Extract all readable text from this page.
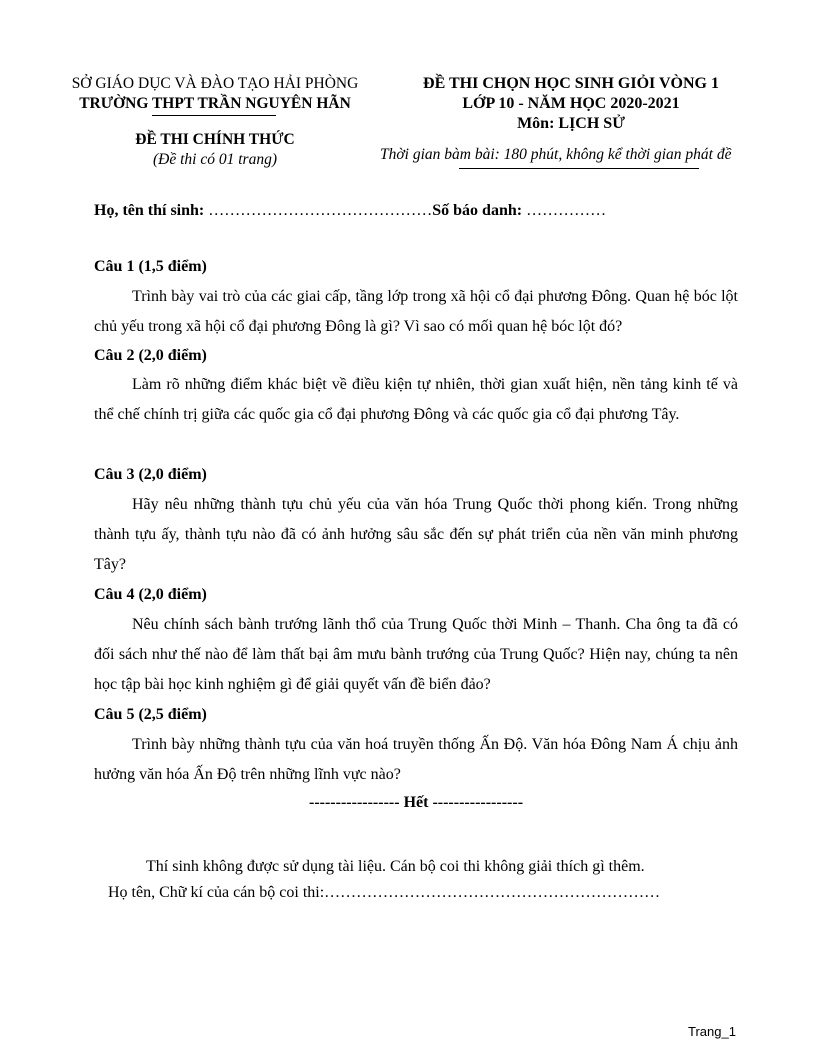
SỞ GIÁO DỤC VÀ ĐÀO TẠO HẢI PHÒNG
TRƯỜNG THPT TRẦN NGUYÊN HÃN
ĐỀ THI CHÍNH THỨC
(Đề thi có 01 trang)
ĐỀ THI CHỌN HỌC SINH GIỎI VÒNG 1
LỚP 10 - NĂM HỌC 2020-2021
Môn: LỊCH SỬ
Thời gian bàm bài: 180 phút, không kể thời gian phát đề
Họ, tên thí sinh: ……………………………………Số báo danh: ……………
Câu 1 (1,5 điểm)
Trình bày vai trò của các giai cấp, tầng lớp trong xã hội cổ đại phương Đông. Quan hệ bóc lột chủ yếu trong xã hội cổ đại phương Đông là gì? Vì sao có mối quan hệ bóc lột đó?
Câu 2 (2,0 điểm)
Làm rõ những điểm khác biệt về điều kiện tự nhiên, thời gian xuất hiện, nền tảng kinh tế và thể chế chính trị giữa các quốc gia cổ đại phương Đông và các quốc gia cổ đại phương Tây.
Câu 3 (2,0 điểm)
Hãy nêu những thành tựu chủ yếu của văn hóa Trung Quốc thời phong kiến. Trong những thành tựu ấy, thành tựu nào đã có ảnh hưởng sâu sắc đến sự phát triển của nền văn minh phương Tây?
Câu 4 (2,0 điểm)
Nêu chính sách bành trướng lãnh thổ của Trung Quốc thời Minh – Thanh. Cha ông ta đã có đối sách như thế nào để làm thất bại âm mưu bành trướng của Trung Quốc? Hiện nay, chúng ta nên học tập bài học kinh nghiệm gì để giải quyết vấn đề biển đảo?
Câu 5 (2,5 điểm)
Trình bày những thành tựu của văn hoá truyền thống Ấn Độ. Văn hóa Đông Nam Á chịu ảnh hưởng văn hóa Ấn Độ trên những lĩnh vực nào?
----------------- Hết -----------------
Thí sinh không được sử dụng tài liệu. Cán bộ coi thi không giải thích gì thêm.
Họ tên, Chữ kí của cán bộ coi thi:………………………………………………………
Trang_1
